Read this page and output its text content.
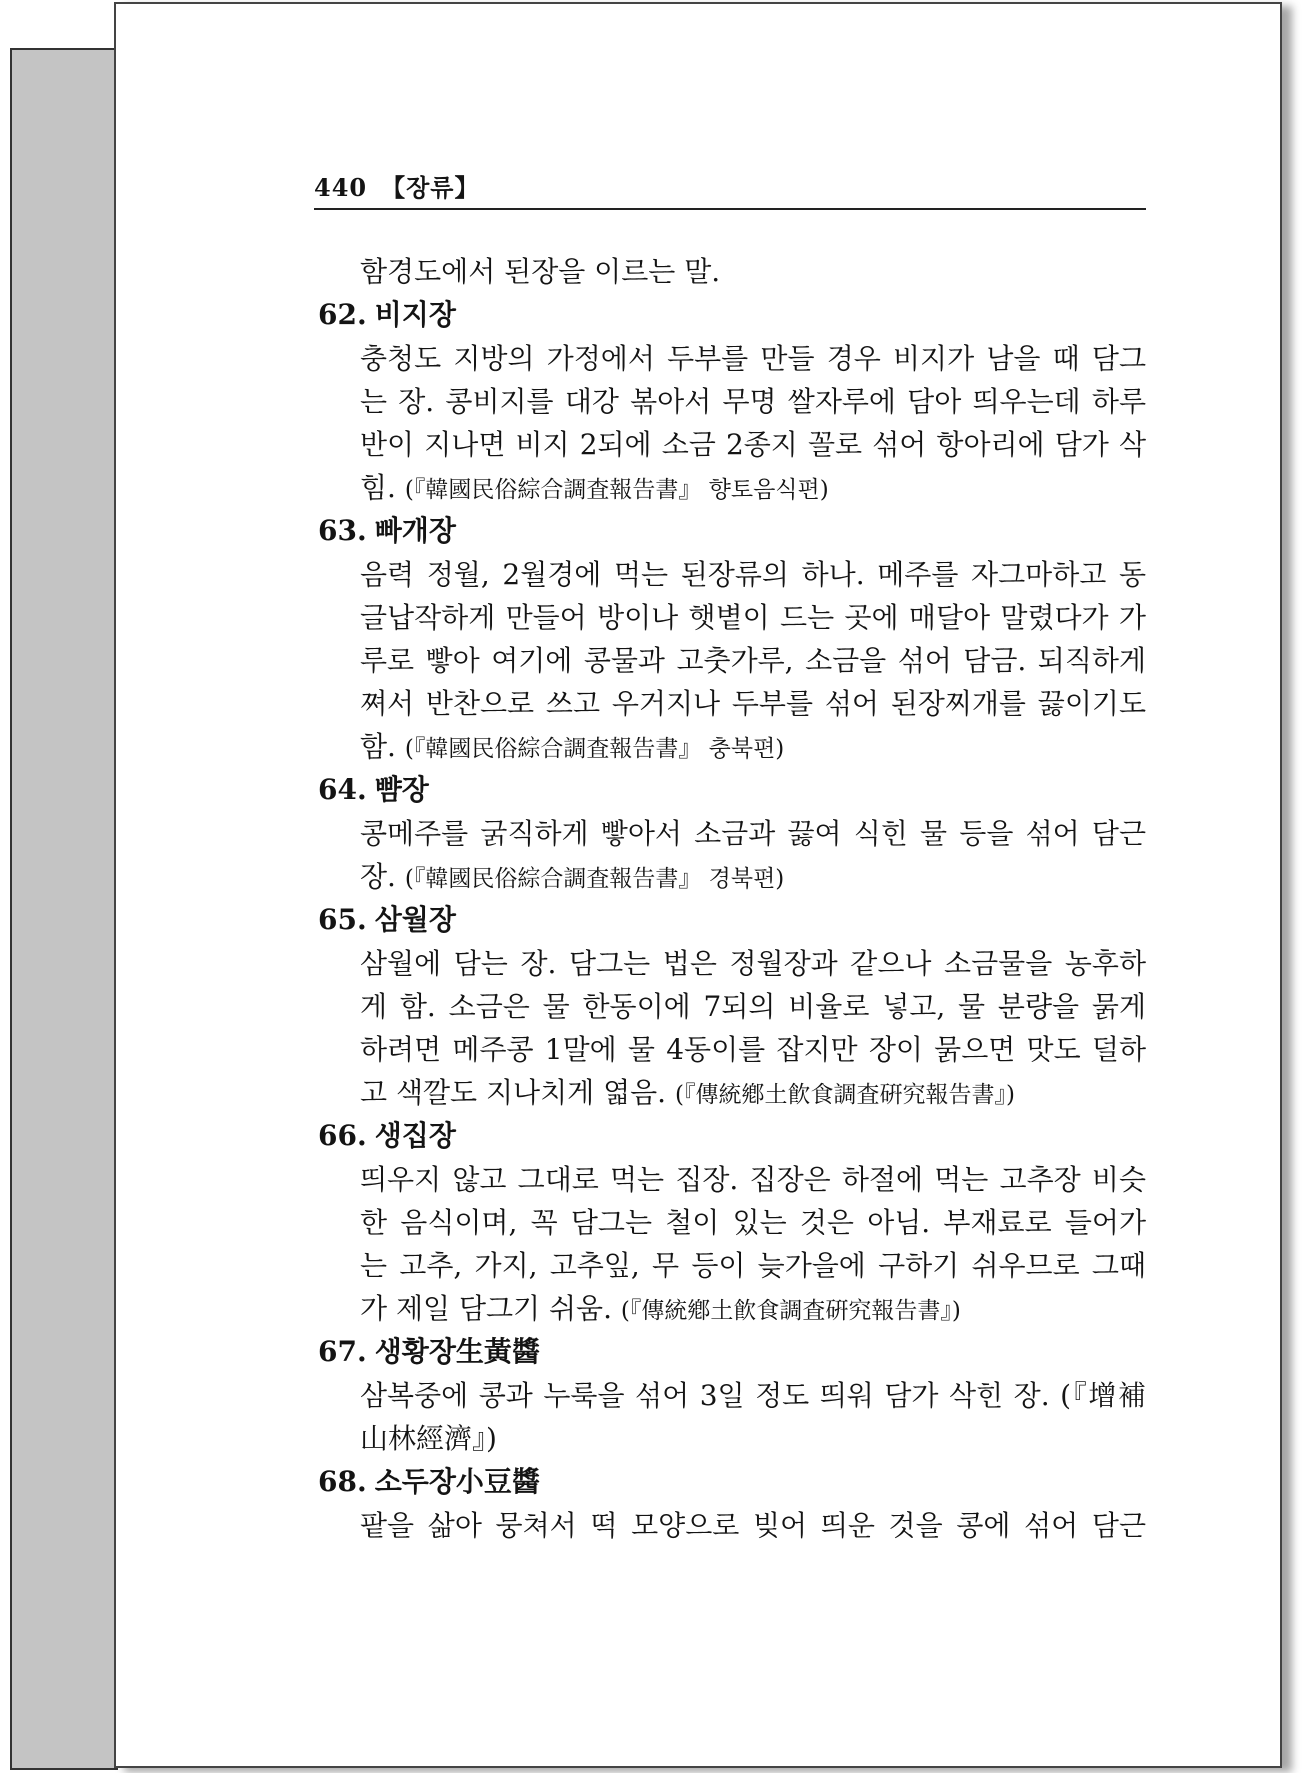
440 【장류】
함경도에서 된장을 이르는 말.
62. 비지장
충청도 지방의 가정에서 두부를 만들 경우 비지가 남을 때 담그
는 장. 콩비지를 대강 볶아서 무명 쌀자루에 담아 띄우는데 하루
반이 지나면 비지 2되에 소금 2종지 꼴로 섞어 항아리에 담가 삭
힘. (『韓國民俗綜合調査報告書』 향토음식편)
63. 빠개장
음력 정월, 2월경에 먹는 된장류의 하나. 메주를 자그마하고 동
글납작하게 만들어 방이나 햇볕이 드는 곳에 매달아 말렸다가 가
루로 빻아 여기에 콩물과 고춧가루, 소금을 섞어 담금. 되직하게
쪄서 반찬으로 쓰고 우거지나 두부를 섞어 된장찌개를 끓이기도
함. (『韓國民俗綜合調査報告書』 충북편)
64. 뺨장
콩메주를 굵직하게 빻아서 소금과 끓여 식힌 물 등을 섞어 담근
장. (『韓國民俗綜合調査報告書』 경북편)
65. 삼월장
삼월에 담는 장. 담그는 법은 정월장과 같으나 소금물을 농후하
게 함. 소금은 물 한동이에 7되의 비율로 넣고, 물 분량을 묽게
하려면 메주콩 1말에 물 4동이를 잡지만 장이 묽으면 맛도 덜하
고 색깔도 지나치게 엷음. (『傳統鄕土飮食調査硏究報告書』)
66. 생집장
띄우지 않고 그대로 먹는 집장. 집장은 하절에 먹는 고추장 비슷
한 음식이며, 꼭 담그는 철이 있는 것은 아님. 부재료로 들어가
는 고추, 가지, 고추잎, 무 등이 늦가을에 구하기 쉬우므로 그때
가 제일 담그기 쉬움. (『傳統鄕土飮食調査硏究報告書』)
67. 생황장生黃醬
삼복중에 콩과 누룩을 섞어 3일 정도 띄워 담가 삭힌 장. (『增補
山林經濟』)
68. 소두장小豆醬
팥을 삶아 뭉쳐서 떡 모양으로 빚어 띄운 것을 콩에 섞어 담근
